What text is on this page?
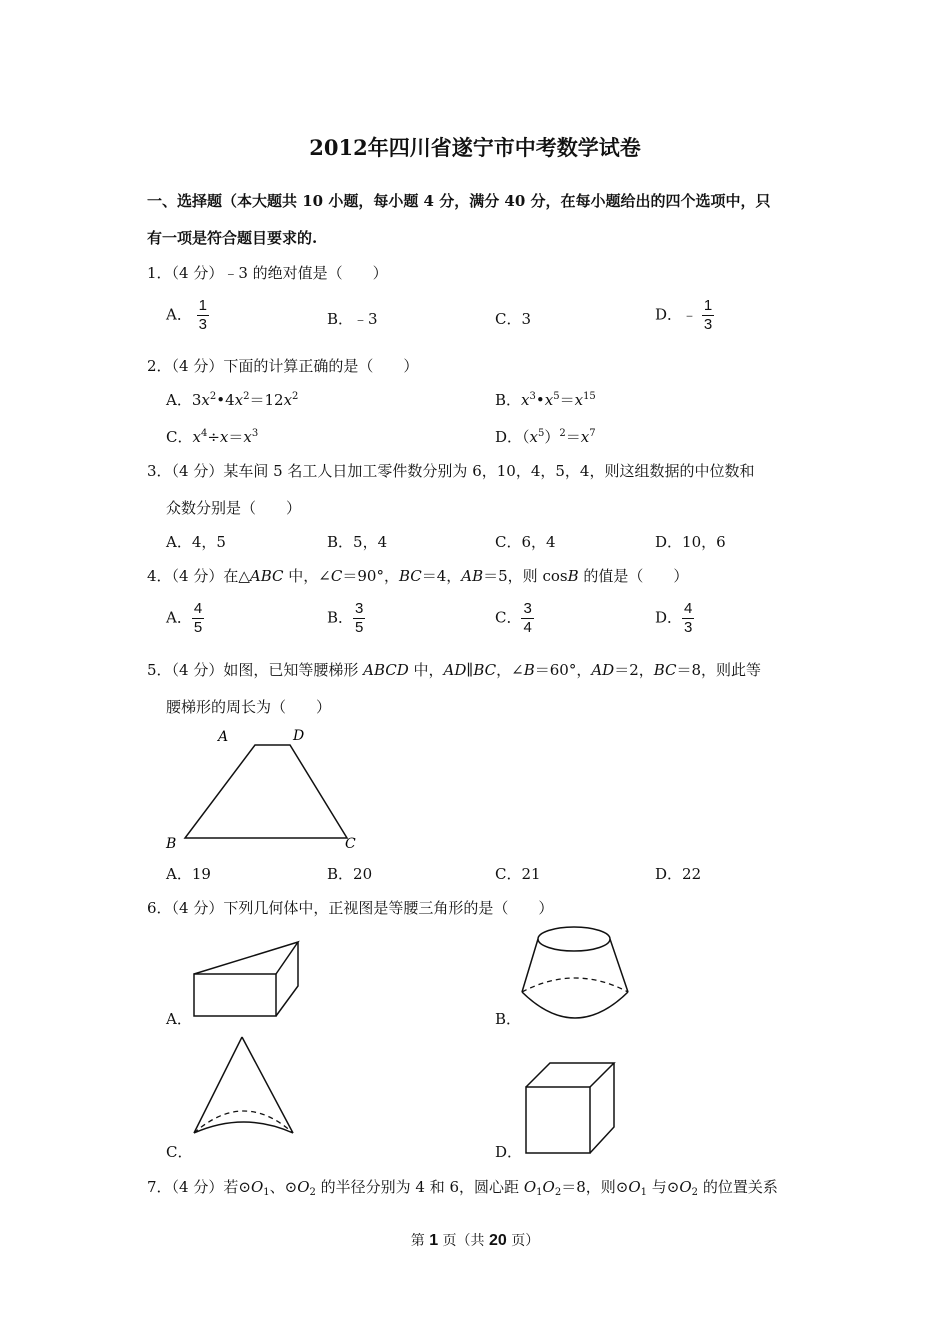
2012年四川省遂宁市中考数学试卷
一、选择题（本大题共 10 小题，每小题 4 分，满分 40 分，在每小题给出的四个选项中，只
有一项是符合题目要求的.
1．（4 分）﹣3 的绝对值是（　　）
A． $\frac{1}{3}$	B．﹣3	C．3	D．﹣ $\frac{1}{3}$
2．（4 分）下面的计算正确的是（　　）
A．$3x^2•4x^2=12x^2$	B．$x^3•x^5=x^{15}$
C．$x^4\div x=x^3$	D．$(x^5)^2=x^7$
3．（4 分）某车间 5 名工人日加工零件数分别为 6，10，4，5，4，则这组数据的中位数和
众数分别是（　　）
A．4，5	B．5，4	C．6，4	D．10，6
4．（4 分）在△ABC 中，∠C＝90°，BC＝4，AB＝5，则 cosB 的值是（　　）
A． $\frac{4}{5}$	B． $\frac{3}{5}$	C． $\frac{3}{4}$	D． $\frac{4}{3}$
5．（4 分）如图，已知等腰梯形 ABCD 中，AD∥BC，∠B＝60°，AD＝2，BC＝8，则此等
腰梯形的周长为（　　）
A	D
B	C
A．19	B．20	C．21	D．22
6．（4 分）下列几何体中，正视图是等腰三角形的是（　　）
A．	B．
C．	D．
7．（4 分）若$⊙O_1$、$⊙O_2$ 的半径分别为 4 和 6，圆心距 $O_1O_2=8$，则$⊙O_1$ 与$⊙O_2$ 的位置关系
第 1 页（共 20 页）
